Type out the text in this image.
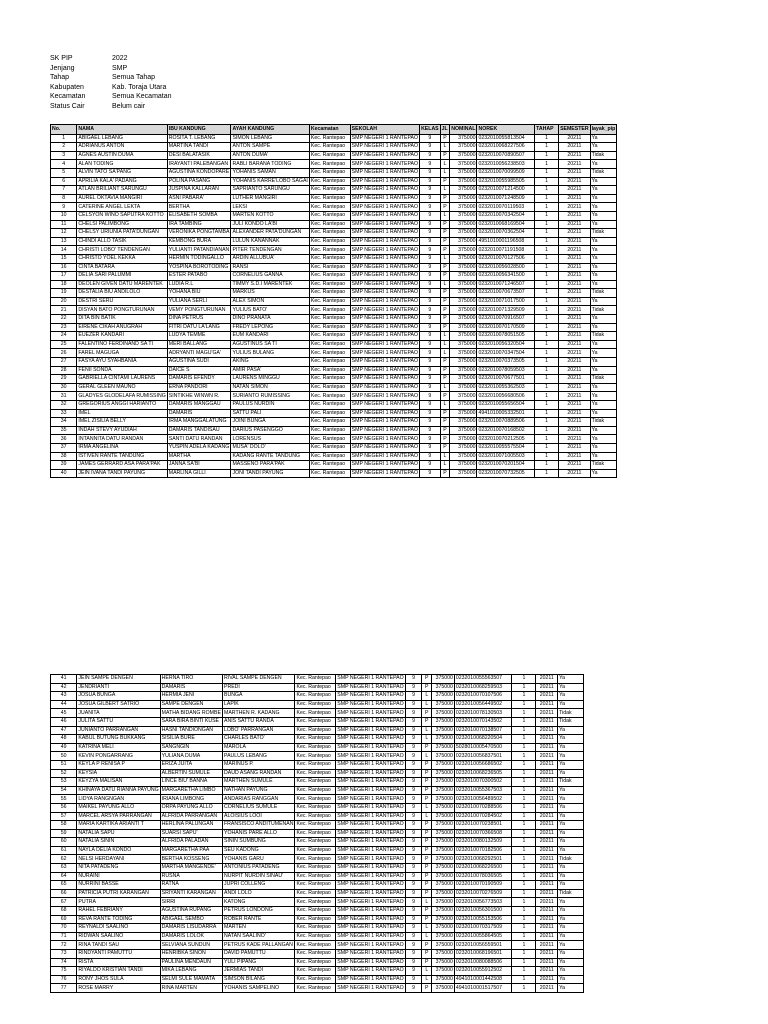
SK PIP	2022
Jenjang	SMP
Tahap	Semua Tahap
Kabupaten	Kab. Toraja Utara
Kecamatan	Semua Kecamatan
Status Cair	Belum cair
No.	NAMA	IBU KANDUNG	AYAH KANDUNG	Kecamatan	SEKOLAH	KELAS	JL	NOMINAL	NOREK	TAHAP	SEMESTER	layak_pip
1	ABIGAEL LEBANG	ROSITA T. LEBANG	SIMON LEBANG	Kec. Rantepao	SMP NEGERI 1 RANTEPAO	9	P	375000	0232010055813504	1	20211	Ya
2	ADRIANUS ANTON	MARTINA TANDI	ANTON SAMPE	Kec. Rantepao	SMP NEGERI 1 RANTEPAO	9	L	375000	0232010068227506	1	20211	Ya
3	AGNES AUSTIN DUMA	DESI BALATASIK	ANTON DUMA'	Kec. Rantepao	SMP NEGERI 1 RANTEPAO	9	P	375000	0232010070890507	1	20211	Tidak
4	ALAN TODING	IRAYANTI PALEBANGAN	RABLI BARANA TODING	Kec. Rantepao	SMP NEGERI 1 RANTEPAO	9	L	375000	0232010056238503	1	20211	Ya
5	ALVIN TATO SA'PANG	AGUSTINA KONDOPARE	YOHANIS SAMAN	Kec. Rantepao	SMP NEGERI 1 RANTEPAO	9	L	375000	0232010070099509	1	20211	Tidak
6	APRILIA KALA' PADANG	POLINA PASANG	YOHANIS KARRE'LOBO SAGAI	Kec. Rantepao	SMP NEGERI 1 RANTEPAO	9	P	375000	0232010055985505	1	20211	Ya
7	ATLAN BRILIANT SARUNGU	JUSPINA KALLARAN	SAPRIANTO SARUNGU	Kec. Rantepao	SMP NEGERI 1 RANTEPAO	9	L	375000	0232010071214500	1	20211	Ya
8	AUREL OKTAVIA MANGIRI	ASNI PABARA'	LUTHER MANGIRI	Kec. Rantepao	SMP NEGERI 1 RANTEPAO	9	P	375000	0232010071248509	1	20211	Ya
9	CATERINE ANGEL LEKTA	BERTHA	LEKSI	Kec. Rantepao	SMP NEGERI 1 RANTEPAO	9	P	375000	0232010070119503	1	20211	Ya
10	CELSYON WINO SAPUTRA KOTTO	ELISABETH SOMBA	MARTEN KOTTO	Kec. Rantepao	SMP NEGERI 1 RANTEPAO	9	L	375000	0232010070342504	1	20211	Ya
11	CHELSI PALIMBONG	IRA TAMBING	JULI KONDO LA'BI	Kec. Rantepao	SMP NEGERI 1 RANTEPAO	9	P	375000	0232010068169504	1	20211	Ya
12	CHELSY URIUNIA PATA'DUNGAN	VERONIKA PONGTAMBA	ALEXANDER PATA'DUNGAN	Kec. Rantepao	SMP NEGERI 1 RANTEPAO	9	P	375000	0232010070362504	1	20211	Tidak
13	CHINDI ALLO TASIK	KEMBONG BURA	LULUN KANANNAK	Kec. Rantepao	SMP NEGERI 1 RANTEPAO	9	P	375000	4951010001196508	1	20211	Ya
14	CHRISTI LOBO' TENDENGAN	YULIANTI PATANDIANAN	PITER TENDENGAN	Kec. Rantepao	SMP NEGERI 1 RANTEPAO	9	P	375000	0232010071191508	1	20211	Ya
15	CHRISTO YOEL KEKKA	HERMIN TODINGALLO	ARDIN ALLUBUA'	Kec. Rantepao	SMP NEGERI 1 RANTEPAO	9	L	375000	0232010070127506	1	20211	Ya
16	CINTA BATARA	YOSPINA BOROTODING	RANSI	Kec. Rantepao	SMP NEGERI 1 RANTEPAO	9	P	375000	0232010056028500	1	20211	Ya
17	DELIA SARI PALUMMI	ESTER PATABO	CORNELIUS GANNA	Kec. Rantepao	SMP NEGERI 1 RANTEPAO	9	P	375000	0232010056341500	1	20211	Ya
18	DEOLEN GIVEN DATU MARENTEK	LUDIA R.L	TIMMY S.D.I MARENTEK	Kec. Rantepao	SMP NEGERI 1 RANTEPAO	9	L	375000	0232010071246507	1	20211	Ya
19	DESTALIA BIU ANDILOLO	YOHANA BIU	MARKUS	Kec. Rantepao	SMP NEGERI 1 RANTEPAO	9	P	375000	0232010070673507	1	20211	Tidak
20	DESTRI SERU	YULIANA SERLI	ALEX SIMON	Kec. Rantepao	SMP NEGERI 1 RANTEPAO	9	P	375000	0232010071017500	1	20211	Ya
21	DISYAN BATO PONGTURUNAN	VEMY PONGTURUNAN	YULIUS BATO'	Kec. Rantepao	SMP NEGERI 1 RANTEPAO	9	P	375000	0232010071329509	1	20211	Tidak
22	DITA BIN BATIK	DINA PETRUS	DINO PRANATA	Kec. Rantepao	SMP NEGERI 1 RANTEPAO	9	P	375000	0232010070916507	1	20211	Ya
23	EIRENE CIKAH ANUGRAH	FITRI DATU LA'LANG	FREDY LEPONG	Kec. Rantepao	SMP NEGERI 1 RANTEPAO	9	P	375000	0232010070170509	1	20211	Ya
24	EUEZER KANDARI	LUDYA TEMME	EUM KANDARI	Kec. Rantepao	SMP NEGERI 1 RANTEPAO	9	L	375000	0232010078051505	1	20211	Tidak
25	FALENTINO FERDINAND SA TI	MERI BALLANG	AGUSTINUS SA TI	Kec. Rantepao	SMP NEGERI 1 RANTEPAO	9	L	375000	0232010056320504	1	20211	Ya
26	FAREL MAGUGA	ADRYANTI MAGU'GA'	YULIUS BULANG	Kec. Rantepao	SMP NEGERI 1 RANTEPAO	9	L	375000	0232010070347504	1	20211	Ya
27	FASYA AYU SYAHBANIA	AGUSTINA SUDI	AKING	Kec. Rantepao	SMP NEGERI 1 RANTEPAO	9	P	375000	0232010070373505	1	20211	Ya
28	FENII SONDA	DAICE S	AMIR PASA'	Kec. Rantepao	SMP NEGERI 1 RANTEPAO	9	P	375000	0232010078059503	1	20211	Ya
29	GABRIELLA CINTAMI LAURENS	DAMARIS EFENDY	LAURENS MINGGU	Kec. Rantepao	SMP NEGERI 1 RANTEPAO	9	P	375000	0232010070677501	1	20211	Tidak
30	GERAL GLEEN MAUNO	ERNA PANDORI	NATAN SIMON	Kec. Rantepao	SMP NEGERI 1 RANTEPAO	9	L	375000	0232010055362503	1	20211	Ya
31	GLADYES GLODELAFA RUMISSING	SINTIKHE WINWN R.	SURIANTO RUMISSING	Kec. Rantepao	SMP NEGERI 1 RANTEPAO	9	P	375000	0232010056680506	1	20211	Ya
32	GREGORIUS ANGGI HARIANTO	DAMARIS MANGGAU	PAULUS NURDIN	Kec. Rantepao	SMP NEGERI 1 RANTEPAO	9	L	375000	0232010055656504	1	20211	Ya
33	IMEL	DAMARIS	SATTU PALI	Kec. Rantepao	SMP NEGERI 1 RANTEPAO	9	P	375000	4941010005332501	1	20211	Ya
34	IMEL ZISILIA BELLY	IRMA MANGGALATUNG	JOINI BUNGA	Kec. Rantepao	SMP NEGERI 1 RANTEPAO	9	P	375000	0232010070889506	1	20211	Tidak
35	INDAH STEVY AYUDIAH	DAMARIS TANDISAU	DARIUS PASENGGO	Kec. Rantepao	SMP NEGERI 1 RANTEPAO	9	P	375000	0232010070168502	1	20211	Ya
36	INTANNITA DATU RANDAN	SANTI DATU RANDAN	LORENSUS	Kec. Rantepao	SMP NEGERI 1 RANTEPAO	9	P	375000	0232010070212505	1	20211	Ya
37	IRMA ANGELINA	YUSPIN ADELA KADANG	MUSA' DOLO'	Kec. Rantepao	SMP NEGERI 1 RANTEPAO	9	P	375000	0232010055575504	1	20211	Ya
38	ISTIVEN RANTE TANDUNG	MARTHA	KADANG RANTE TANDUNG	Kec. Rantepao	SMP NEGERI 1 RANTEPAO	9	L	375000	0232010071005503	1	20211	Ya
39	JAMES GERRARD ASA PARA'PAK	JANNA SA'BI	MASSENO PARA'PAK	Kec. Rantepao	SMP NEGERI 1 RANTEPAO	9	L	375000	0232010070201504	1	20211	Tidak
40	JEIN IVANA TANDI PAYUNG	MARLINA GILLI	JONI TANDI PAYUNG	Kec. Rantepao	SMP NEGERI 1 RANTEPAO	9	P	375000	0232010070732505	1	20211	Ya
41	JEIN SAMPE DENGEN	HERNA TIRO	RIVAL SAMPE DENGEN	Kec. Rantepao	SMP NEGERI 1 RANTEPAO	9	P	375000	0232010055563507	1	20211	Ya
42	JENDRIANTI	DAMARIS	PREDI	Kec. Rantepao	SMP NEGERI 1 RANTEPAO	9	P	375000	0232010068259503	1	20211	Ya
43	JOSUA BUNGA	HERMIA JENI	BUNGA	Kec. Rantepao	SMP NEGERI 1 RANTEPAO	9	L	375000	0232010070107506	1	20211	Ya
44	JOSUA GILBERT SATRIO	SAMPE DENGEN	LAPIK	Kec. Rantepao	SMP NEGERI 1 RANTEPAO	9	L	375000	0232010056449502	1	20211	Ya
45	JUANITA	MATHA BIDANG ROMBE	MARTHEN R. KADANG	Kec. Rantepao	SMP NEGERI 1 RANTEPAO	9	P	375000	0232010078130503	1	20211	Tidak
46	JULITA SATTU	SARA BIRA BINTI KUSE	ANIS SATTU RANDA	Kec. Rantepao	SMP NEGERI 1 RANTEPAO	9	P	375000	0232010070143502	1	20211	Tidak
47	JUNIANTO PARRANGAN	HASNI TANDIONGAN	LOBO' PARRANGAN	Kec. Rantepao	SMP NEGERI 1 RANTEPAO	9	L	375000	0232010070138507	1	20211	Ya
48	KABUL BUTUNG BUKKANG	SISILIA BURE	CHARLES BATO'	Kec. Rantepao	SMP NEGERI 1 RANTEPAO	9	L	375000	0232010068220504	1	20211	Ya
49	KATRINA MELI	SANGNGIN	MAROLA	Kec. Rantepao	SMP NEGERI 1 RANTEPAO	9	P	375000	5028010005470500	1	20211	Ya
50	KEVIN PONGARRANG	YULIANA DUMA	PAULUS LEBANG	Kec. Rantepao	SMP NEGERI 1 RANTEPAO	9	L	375000	0232010056837501	1	20211	Ya
51	KEYLA P RENISA P	ERIZA JUITA	MARINUS P.	Kec. Rantepao	SMP NEGERI 1 RANTEPAO	9	P	375000	0232010056686502	1	20211	Ya
52	KEYSIA	ALBERTIN SUMULE	DAUD ASANG RANDAN	Kec. Rantepao	SMP NEGERI 1 RANTEPAO	9	P	375000	0232010068236505	1	20211	Ya
53	KEYZYA MALISAN	LINCE BIU' BANNA	MARTHEN SUMULE	Kec. Rantepao	SMP NEGERI 1 RANTEPAO	9	P	375000	0232010070300502	1	20211	Tidak
54	KHINAYA DATU RIANNA PAYUNG	MARGARETHA LIMBO	NATHAN PAYUNG	Kec. Rantepao	SMP NEGERI 1 RANTEPAO	9	P	375000	0232010055367503	1	20211	Ya
55	LIDYA RANGNGAN	IRIANA LIMBONG	ANDARIAS RANGGAN	Kec. Rantepao	SMP NEGERI 1 RANTEPAO	9	P	375000	0232010056489502	1	20211	Ya
56	MAIKEL PAYUNG ALLO	ORPA PAYUNG ALLO	CORNELIUS SUMULE	Kec. Rantepao	SMP NEGERI 1 RANTEPAO	9	L	375000	0232010070288506	1	20211	Ya
57	MARCEL ARSYA PARRANGAN	ALFRIDA PARRANGAN	ALOISIUS LOOI	Kec. Rantepao	SMP NEGERI 1 RANTEPAO	9	L	375000	0232010070284502	1	20211	Ya
58	MARIA KARTIKA ARIANTI T	HERLINA PALUNGAN	FRANSISCO ANDITUMENAN	Kec. Rantepao	SMP NEGERI 1 RANTEPAO	9	P	375000	0232010070238501	1	20211	Ya
59	NATALIA SAPU	SUARSI SAPU'	YOHANIS PARE ALLO	Kec. Rantepao	SMP NEGERI 1 RANTEPAO	9	P	375000	0232010070366508	1	20211	Ya
60	NATALIA SININ	ALFRIDA PALADAN	SININ SUMBUNG	Kec. Rantepao	SMP NEGERI 1 RANTEPAO	9	P	375000	0232010080132509	1	20211	Ya
61	NAYLA DELIA KONDO	MARGARETHA PAA	SEU KADONG	Kec. Rantepao	SMP NEGERI 1 RANTEPAO	9	P	375000	0232010070182506	1	20211	Ya
62	NELSI HERDAYANI	BERTHA KOSSENG	YOHANIS GARU	Kec. Rantepao	SMP NEGERI 1 RANTEPAO	9	P	375000	0232010068292501	1	20211	Tidak
63	NITA PATADENG	MARTHA MANGENDE'	ANTONIUS PATADENG	Kec. Rantepao	SMP NEGERI 1 RANTEPAO	9	P	375000	0232010068226500	1	20211	Ya
64	NURAINI	RUSNA	NURPIT NURDIN SINAU'	Kec. Rantepao	SMP NEGERI 1 RANTEPAO	9	P	375000	0232010078036505	1	20211	Ya
65	NURRINI BASSE	RATNA	JUPRI COLLENG	Kec. Rantepao	SMP NEGERI 1 RANTEPAO	9	P	375000	0232010070190509	1	20211	Ya
66	PATRICIA PUTRI KARANGAN	SRIYANTI KARANGAN	ANDI LOLO	Kec. Rantepao	SMP NEGERI 1 RANTEPAO	9	P	375000	0232010070276509	1	20211	Tidak
67	PUTRA	SIRRI	KATONG	Kec. Rantepao	SMP NEGERI 1 RANTEPAO	9	L	375000	0232010056773503	1	20211	Ya
68	RAHEL FEBRIANY	AGUSTINA RUPANG	PETRUS LONDONG	Kec. Rantepao	SMP NEGERI 1 RANTEPAO	9	P	375000	0232010056301500	1	20211	Ya
69	REVA RANTE TODING	ABIGAEL SEMBO	ROBER RANTE	Kec. Rantepao	SMP NEGERI 1 RANTEPAO	9	P	375000	0232010055153506	1	20211	Ya
70	REYNALDI SAALINO	DAMARIS LISUDARRA	MARTEN	Kec. Rantepao	SMP NEGERI 1 RANTEPAO	9	L	375000	0232010070317509	1	20211	Ya
71	RIDWAN SAALINO	DAMARIS LOLOK	NATAN SAALINO'	Kec. Rantepao	SMP NEGERI 1 RANTEPAO	9	L	375000	0232010055864505	1	20211	Ya
72	RINA TANDI SAU	SELVIANA SUNDUN	PETRUS KADE PALLANGAN	Kec. Rantepao	SMP NEGERI 1 RANTEPAO	9	P	375000	0232010056559501	1	20211	Ya
73	RINDYANTI PAMUTTU	HENRIBKA SINON	DAVID PAMUTTU	Kec. Rantepao	SMP NEGERI 1 RANTEPAO	9	P	375000	0232010068196501	1	20211	Ya
74	RISTA	PAULINA MENDAUN	YULI PIPANG	Kec. Rantepao	SMP NEGERI 1 RANTEPAO	9	P	375000	0232010080088506	1	20211	Ya
75	RIYALDO KRISTIAN TANDI	MIKA LEBANG	JERMIAS TANDI	Kec. Rantepao	SMP NEGERI 1 RANTEPAO	9	L	375000	0232010055912502	1	20211	Ya
76	RONY JHOS SULA	SELMI SULE MAMATA	SIMSON BILANG	Kec. Rantepao	SMP NEGERI 1 RANTEPAO	9	L	375000	4941010001442508	1	20211	Ya
77	ROSE MARRY	RINA MARTEN	YOHANIS SAMPELINO	Kec. Rantepao	SMP NEGERI 1 RANTEPAO	9	P	375000	4941010001517507	1	20211	Ya
